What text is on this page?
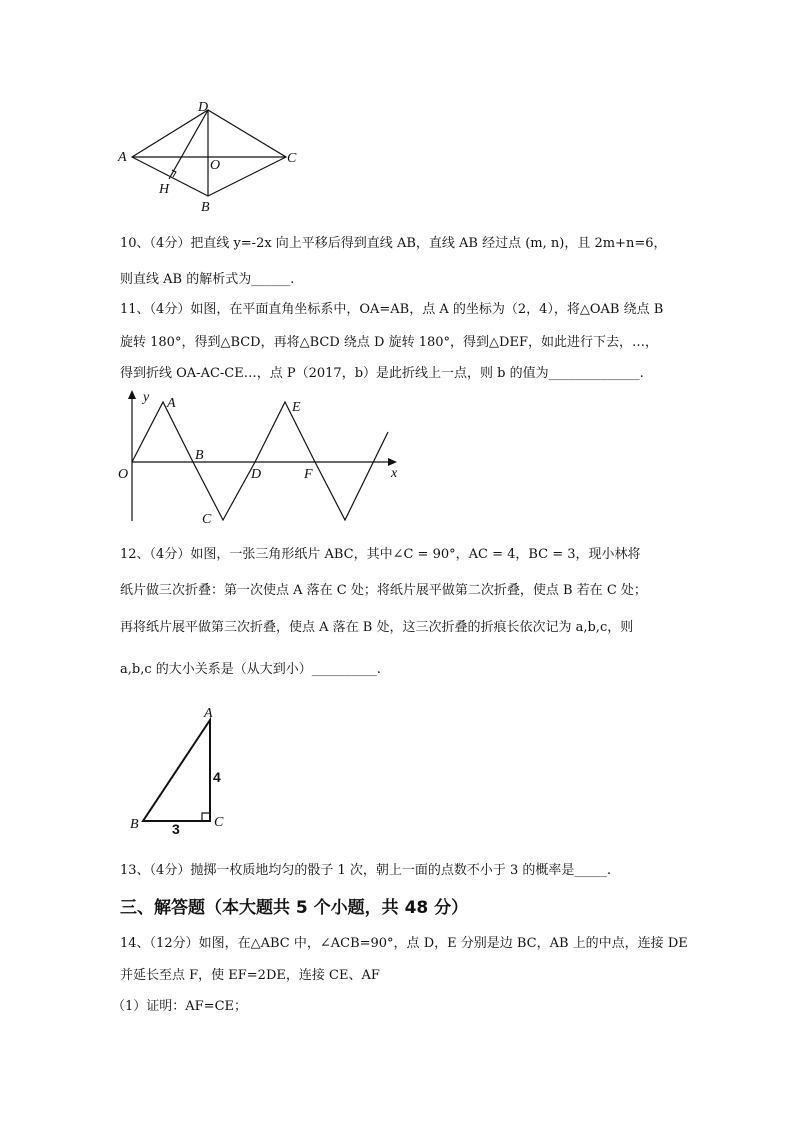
D
A
O	C
H
B
10、（4分）把直线 y=-2x 向上平移后得到直线 AB，直线 AB 经过点 (m, n)，且 2m+n=6，
则直线 AB 的解析式为______.
11、（4分）如图，在平面直角坐标系中，OA=AB，点 A 的坐标为（2，4），将△OAB 绕点 B
旋转 180°，得到△BCD，再将△BCD 绕点 D 旋转 180°，得到△DEF，如此进行下去，…，
得到折线 OA-AC-CE…，点 P（2017，b）是此折线上一点，则 b 的值为______________.
y A	E
O
B
D	F	x
C
12、（4分）如图，一张三角形纸片 ABC，其中∠C = 90°，AC = 4，BC = 3，现小林将
纸片做三次折叠：第一次使点 A 落在 C 处；将纸片展平做第二次折叠，使点 B 若在 C 处；
再将纸片展平做第三次折叠，使点 A 落在 B 处，这三次折叠的折痕长依次记为 a,b,c，则
a,b,c 的大小关系是（从大到小）__________.
A
B	C
4
3
13、（4分）抛掷一枚质地均匀的骰子 1 次，朝上一面的点数不小于 3 的概率是_____.
三、解答题（本大题共 5 个小题，共 48 分）
14、（12分）如图，在△ABC 中，∠ACB=90°，点 D，E 分别是边 BC，AB 上的中点，连接 DE
并延长至点 F，使 EF=2DE，连接 CE、AF
（1）证明：AF=CE；
